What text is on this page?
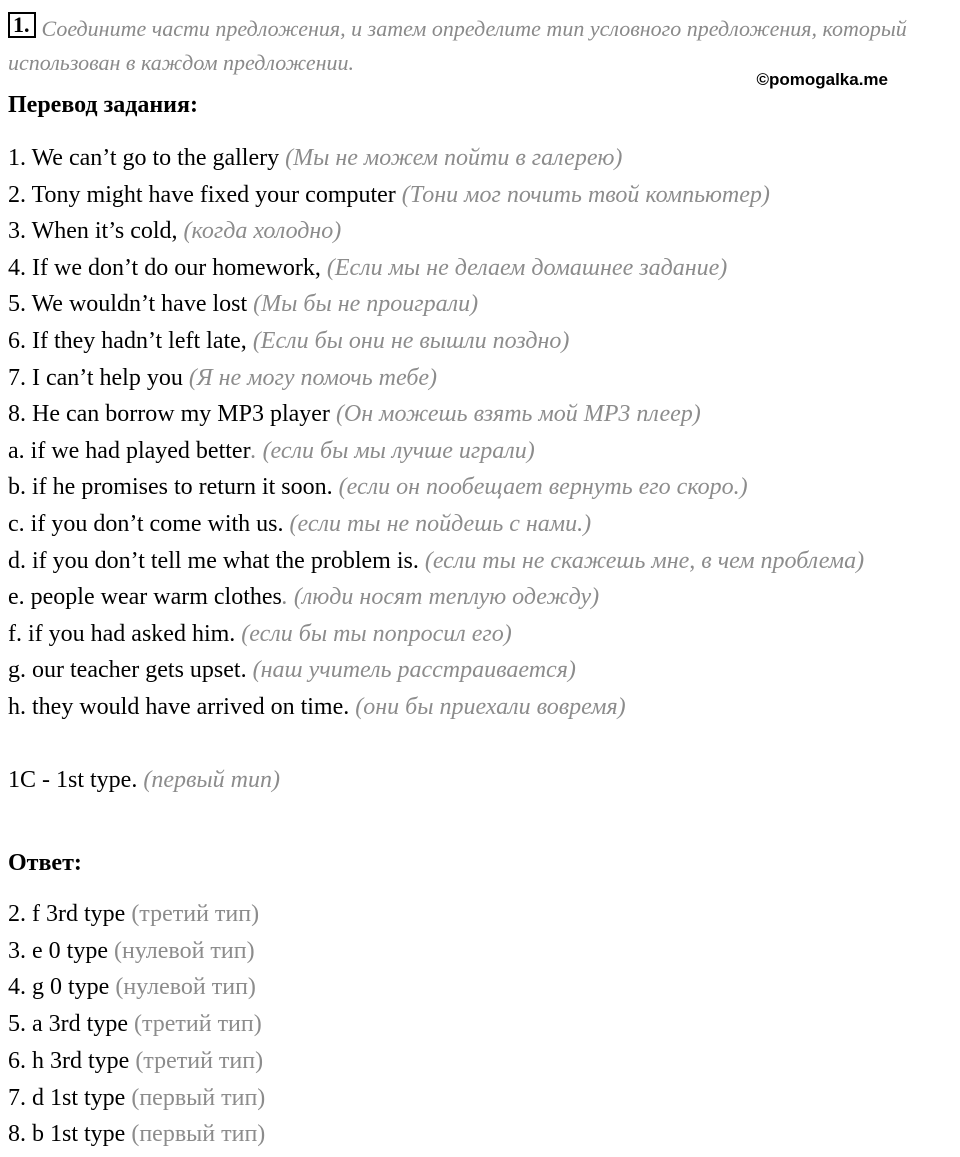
1. Соедините части предложения, и затем определите тип условного предложения, который использован в каждом предложении.
©pomogalka.me
Перевод задания:
1. We can’t go to the gallery (Мы не можем пойти в галерею)
2. Tony might have fixed your computer (Тони мог почить твой компьютер)
3. When it’s cold, (когда холодно)
4. If we don’t do our homework, (Если мы не делаем домашнее задание)
5. We wouldn’t have lost (Мы бы не проиграли)
6. If they hadn’t left late, (Если бы они не вышли поздно)
7. I can’t help you (Я не могу помочь тебе)
8. He can borrow my MP3 player (Он можешь взять мой MP3 плеер)
a. if we had played better. (если бы мы лучше играли)
b. if he promises to return it soon. (если он пообещает вернуть его скоро.)
c. if you don’t come with us. (если ты не пойдешь с нами.)
d. if you don’t tell me what the problem is. (если ты не скажешь мне, в чем проблема)
e. people wear warm clothes. (люди носят теплую одежду)
f. if you had asked him. (если бы ты попросил его)
g. our teacher gets upset. (наш учитель расстраивается)
h. they would have arrived on time. (они бы приехали вовремя)
1C - 1st type. (первый тип)
Ответ:
2. f 3rd type (третий тип)
3. e 0 type (нулевой тип)
4. g 0 type (нулевой тип)
5. a 3rd type (третий тип)
6. h 3rd type (третий тип)
7. d 1st type (первый тип)
8. b 1st type (первый тип)
